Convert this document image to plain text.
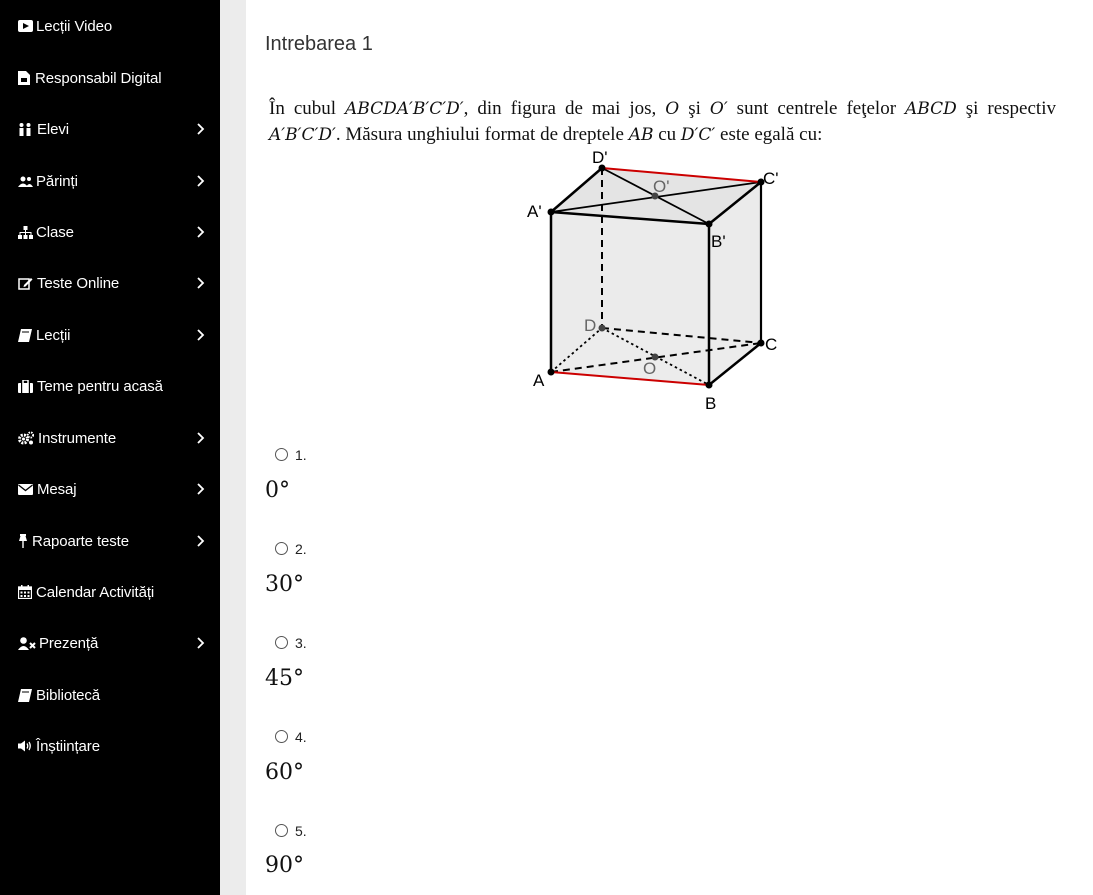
Lecții Video
Responsabil Digital
Elevi
Părinți
Clase
Teste Online
Lecții
Teme pentru acasă
Instrumente
Mesaj
Rapoarte teste
Calendar Activități
Prezență
Bibliotecă
Înștiințare
Intrebarea 1
În cubul ABCDA′B′C′D′, din figura de mai jos, O şi O′ sunt centrele feţelor ABCD şi respectiv A′B′C′D′. Măsura unghiului format de dreptele AB cu D′C′ este egală cu:
D'
C'
A'
B'
O'
D
C
O
A
B
1.
0°
2.
30°
3.
45°
4.
60°
5.
90°
